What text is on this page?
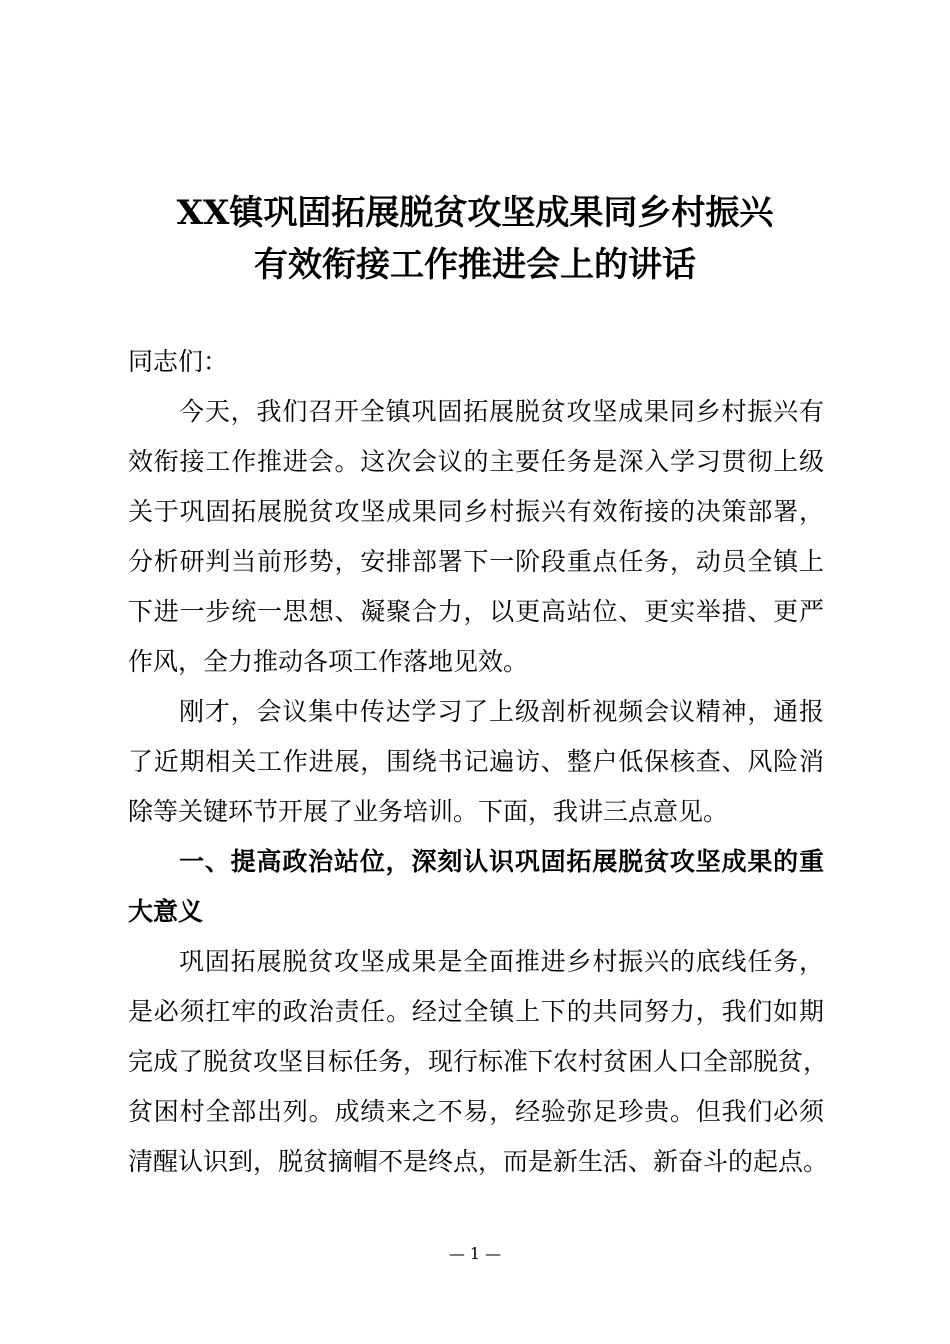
XX镇巩固拓展脱贫攻坚成果同乡村振兴
有效衔接工作推进会上的讲话
同志们：
今天，我们召开全镇巩固拓展脱贫攻坚成果同乡村振兴有
效衔接工作推进会。这次会议的主要任务是深入学习贯彻上级
关于巩固拓展脱贫攻坚成果同乡村振兴有效衔接的决策部署，
分析研判当前形势，安排部署下一阶段重点任务，动员全镇上
下进一步统一思想、凝聚合力，以更高站位、更实举措、更严
作风，全力推动各项工作落地见效。
刚才，会议集中传达学习了上级剖析视频会议精神，通报
了近期相关工作进展，围绕书记遍访、整户低保核查、风险消
除等关键环节开展了业务培训。下面，我讲三点意见。
一、提高政治站位，深刻认识巩固拓展脱贫攻坚成果的重
大意义
巩固拓展脱贫攻坚成果是全面推进乡村振兴的底线任务，
是必须扛牢的政治责任。经过全镇上下的共同努力，我们如期
完成了脱贫攻坚目标任务，现行标准下农村贫困人口全部脱贫，
贫困村全部出列。成绩来之不易，经验弥足珍贵。但我们必须
清醒认识到，脱贫摘帽不是终点，而是新生活、新奋斗的起点。
— 1 —
